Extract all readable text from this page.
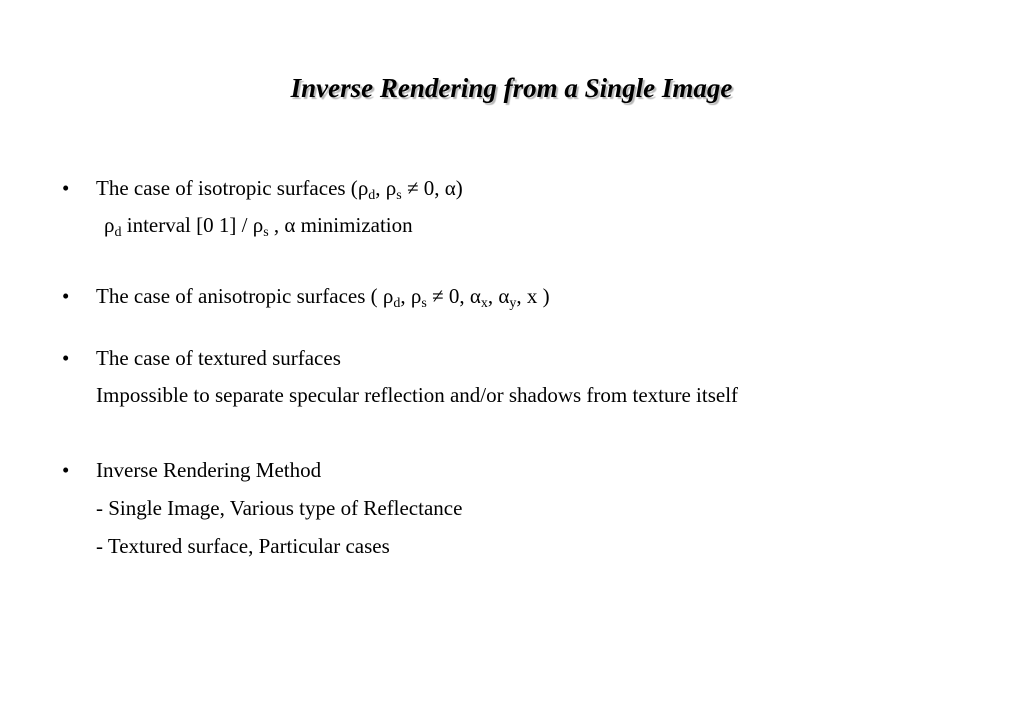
Inverse Rendering from a Single Image
• The case of isotropic surfaces ($\rho_d$, $\rho_s \ne 0$, α)
$\rho_d$ interval [0 $1] / \rho_s$ , α minimization
• The case of anisotropic surfaces ( $\rho_d$, $\rho_s \ne 0$, $\alpha_x$, $\alpha_y$, x )
• The case of textured surfaces
Impossible to separate specular reflection and/or shadows from texture itself
• Inverse Rendering Method
- Single Image, Various type of Reflectance
- Textured surface, Particular cases
